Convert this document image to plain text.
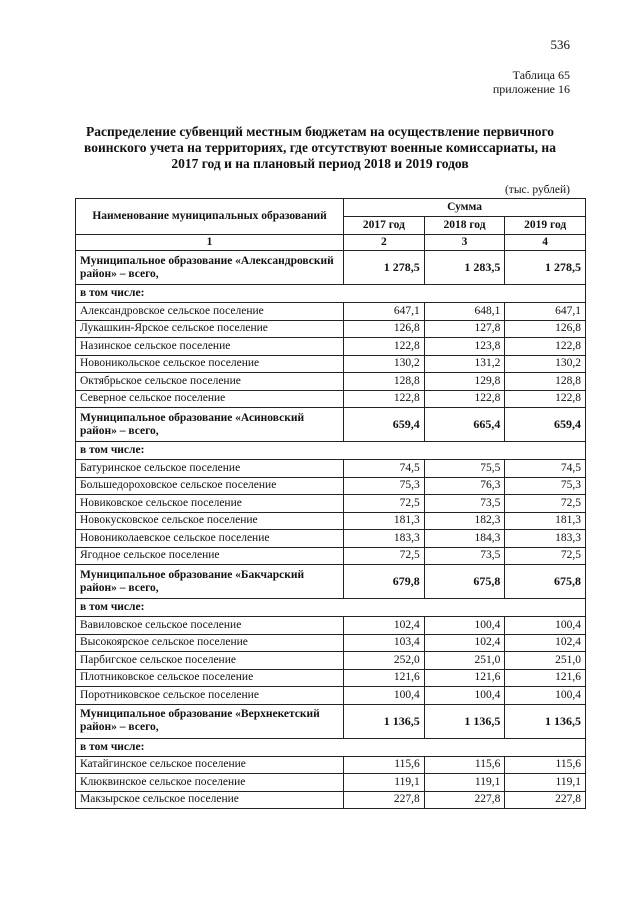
536
Таблица 65
приложение 16
Распределение субвенций местным бюджетам на осуществление первичного воинского учета на территориях, где отсутствуют военные комиссариаты, на 2017 год и на плановый период 2018 и 2019 годов
(тыс. рублей)
Наименование муниципальных образований	Сумма		
	2017 год	2018 год	2019 год
1	2	3	4
Муниципальное образование «Александровский район» – всего,	1 278,5	1 283,5	1 278,5
в том числе:			
Александровское сельское поселение	647,1	648,1	647,1
Лукашкин-Ярское сельское поселение	126,8	127,8	126,8
Назинское сельское поселение	122,8	123,8	122,8
Новоникольское сельское поселение	130,2	131,2	130,2
Октябрьское сельское поселение	128,8	129,8	128,8
Северное сельское поселение	122,8	122,8	122,8
Муниципальное образование «Асиновский район» – всего,	659,4	665,4	659,4
в том числе:			
Батуринское сельское поселение	74,5	75,5	74,5
Большедороховское сельское поселение	75,3	76,3	75,3
Новиковское сельское поселение	72,5	73,5	72,5
Новокусковское сельское поселение	181,3	182,3	181,3
Новониколаевское сельское поселение	183,3	184,3	183,3
Ягодное сельское поселение	72,5	73,5	72,5
Муниципальное образование «Бакчарский район» – всего,	679,8	675,8	675,8
в том числе:			
Вавиловское сельское поселение	102,4	100,4	100,4
Высокоярское сельское поселение	103,4	102,4	102,4
Парбигское сельское поселение	252,0	251,0	251,0
Плотниковское сельское поселение	121,6	121,6	121,6
Поротниковское сельское поселение	100,4	100,4	100,4
Муниципальное образование «Верхнекетский район» – всего,	1 136,5	1 136,5	1 136,5
в том числе:			
Катайгинское сельское поселение	115,6	115,6	115,6
Клюквинское сельское поселение	119,1	119,1	119,1
Макзырское сельское поселение	227,8	227,8	227,8
